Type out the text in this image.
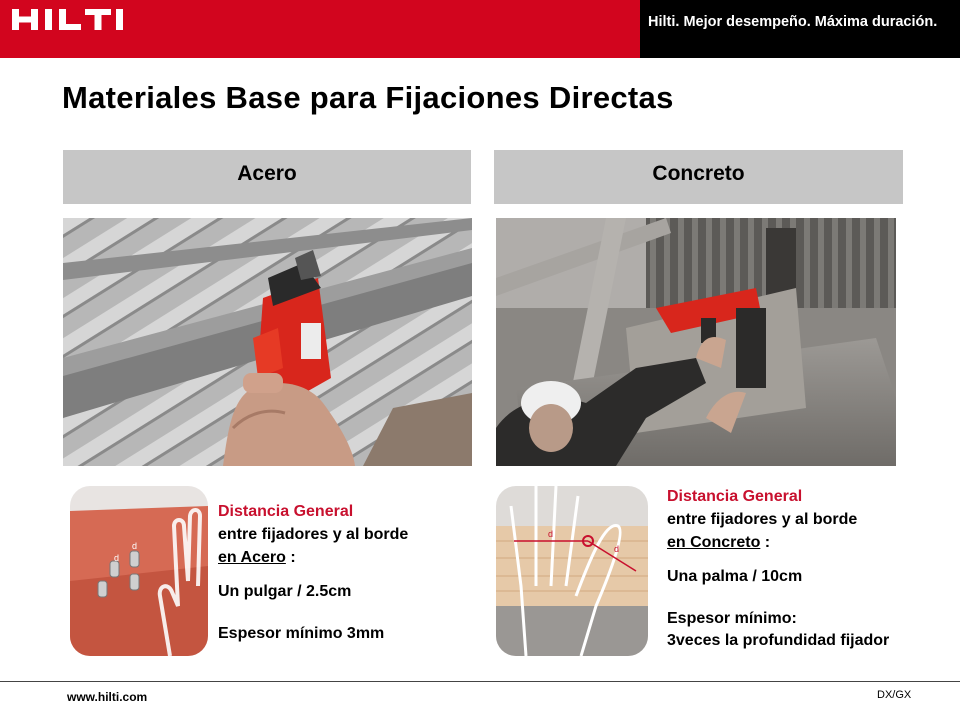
Hilti. Mejor desempeño. Máxima duración.
Materiales Base para Fijaciones Directas
Acero	Concreto
d
d
d
d
Distancia General
entre fijadores y al borde
en Acero :
Un pulgar / 2.5cm
Espesor mínimo 3mm
Distancia General
entre fijadores y al borde
en Concreto :
Una palma / 10cm
Espesor mínimo:
3veces la profundidad fijador
www.hilti.com	DX/GX
